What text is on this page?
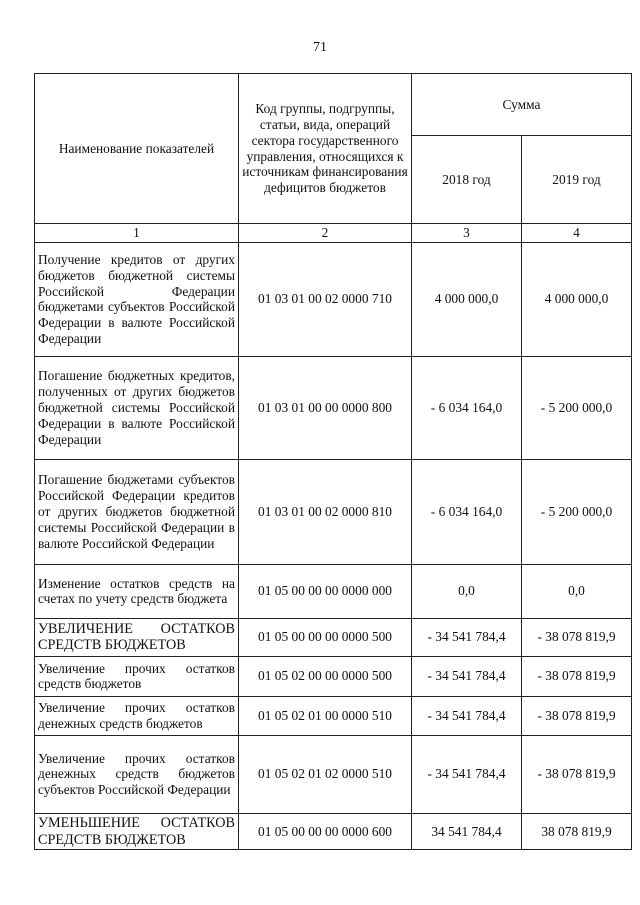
71
Наименование показателей	Код группы, подгруппы, статьи, вида, операций сектора государственного управления, относящихся к источникам финансирования дефицитов бюджетов	Сумма	
		2018 год	2019 год
1	2	3	4
Получение кредитов от других бюджетов бюджетной системы Российской Федерации бюджетами субъектов Российской Федерации в валюте Российской Федерации	01 03 01 00 02 0000 710	4 000 000,0	4 000 000,0
Погашение бюджетных кредитов, полученных от других бюджетов бюджетной системы Российской Федерации в валюте Российской Федерации	01 03 01 00 00 0000 800	- 6 034 164,0	- 5 200 000,0
Погашение бюджетами субъектов Российской Федерации кредитов от других бюджетов бюджетной системы Российской Федерации в валюте Российской Федерации	01 03 01 00 02 0000 810	- 6 034 164,0	- 5 200 000,0
Изменение остатков средств на счетах по учету средств бюджета	01 05 00 00 00 0000 000	0,0	0,0
УВЕЛИЧЕНИЕ ОСТАТКОВ СРЕДСТВ БЮДЖЕТОВ	01 05 00 00 00 0000 500	- 34 541 784,4	- 38 078 819,9
Увеличение прочих остатков средств бюджетов	01 05 02 00 00 0000 500	- 34 541 784,4	- 38 078 819,9
Увеличение прочих остатков денежных средств бюджетов	01 05 02 01 00 0000 510	- 34 541 784,4	- 38 078 819,9
Увеличение прочих остатков денежных средств бюджетов субъектов Российской Федерации	01 05 02 01 02 0000 510	- 34 541 784,4	- 38 078 819,9
УМЕНЬШЕНИЕ ОСТАТКОВ СРЕДСТВ БЮДЖЕТОВ	01 05 00 00 00 0000 600	34 541 784,4	38 078 819,9
